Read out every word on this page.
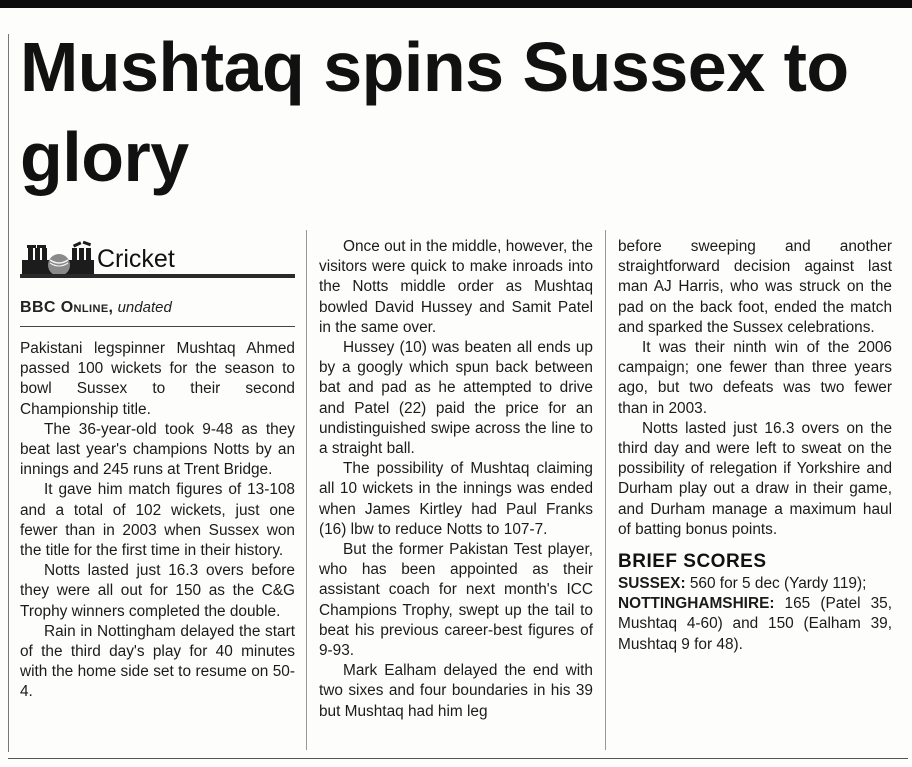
Mushtaq spins Sussex to glory
Cricket
BBC Online, undated

Pakistani legspinner Mushtaq Ahmed passed 100 wickets for the season to bowl Sussex to their second Championship title.

The 36-year-old took 9-48 as they beat last year's champions Notts by an innings and 245 runs at Trent Bridge.

It gave him match figures of 13-108 and a total of 102 wickets, just one fewer than in 2003 when Sussex won the title for the first time in their history.

Notts lasted just 16.3 overs before they were all out for 150 as the C&G Trophy winners completed the double.

Rain in Nottingham delayed the start of the third day's play for 40 minutes with the home side set to resume on 50-4.

Once out in the middle, however, the visitors were quick to make inroads into the Notts middle order as Mushtaq bowled David Hussey and Samit Patel in the same over.

Hussey (10) was beaten all ends up by a googly which spun back between bat and pad as he attempted to drive and Patel (22) paid the price for an undistinguished swipe across the line to a straight ball.

The possibility of Mushtaq claiming all 10 wickets in the innings was ended when James Kirtley had Paul Franks (16) lbw to reduce Notts to 107-7.

But the former Pakistan Test player, who has been appointed as their assistant coach for next month's ICC Champions Trophy, swept up the tail to beat his previous career-best figures of 9-93.

Mark Ealham delayed the end with two sixes and four boundaries in his 39 but Mushtaq had him leg

before sweeping and another straightforward decision against last man AJ Harris, who was struck on the pad on the back foot, ended the match and sparked the Sussex celebrations.

It was their ninth win of the 2006 campaign; one fewer than three years ago, but two defeats was two fewer than in 2003.

Notts lasted just 16.3 overs on the third day and were left to sweat on the possibility of relegation if Yorkshire and Durham play out a draw in their game, and Durham manage a maximum haul of batting bonus points.

BRIEF SCORES

SUSSEX: 560 for 5 dec (Yardy 119);

NOTTINGHAMSHIRE: 165 (Patel 35, Mushtaq 4-60) and 150 (Ealham 39, Mushtaq 9 for 48).
